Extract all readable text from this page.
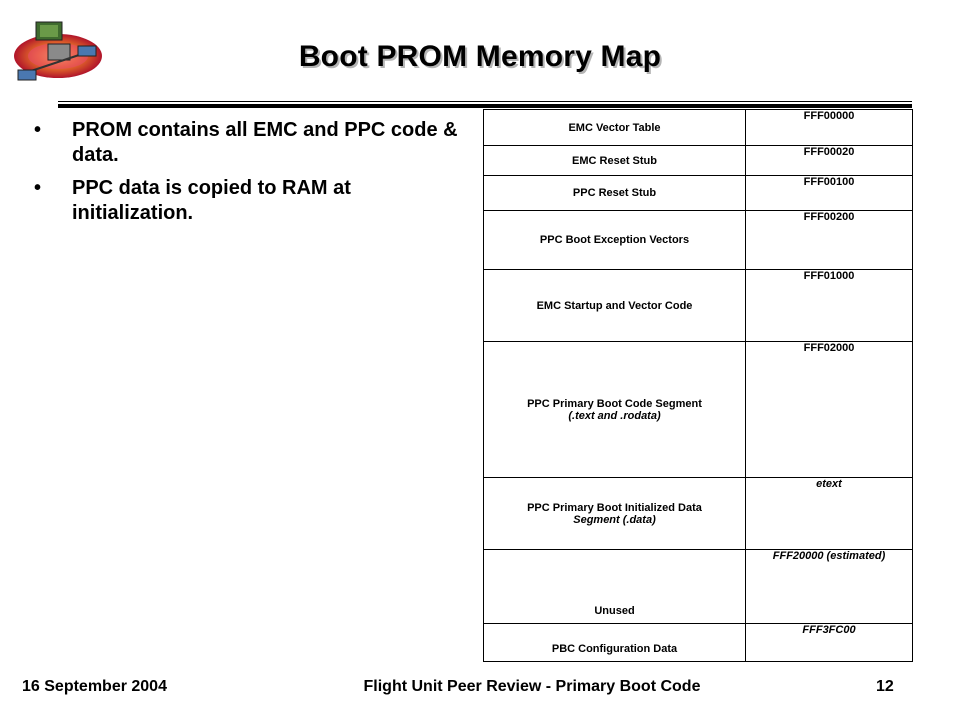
Boot PROM Memory Map
• PROM contains all EMC and PPC code & data.
• PPC data is copied to RAM at initialization.
EMC Vector Table	FFF00000
EMC Reset Stub	FFF00020
PPC Reset Stub	FFF00100
PPC Boot Exception Vectors	FFF00200
EMC Startup and Vector Code	FFF01000

PPC Primary Boot Code Segment
(.text and .rodata)	FFF02000

PPC Primary Boot Initialized Data
Segment (.data)	etext
Unused	FFF20000 (estimated)
PBC Configuration Data	FFF3FC00
16 September 2004	Flight Unit Peer Review - Primary Boot Code	12
